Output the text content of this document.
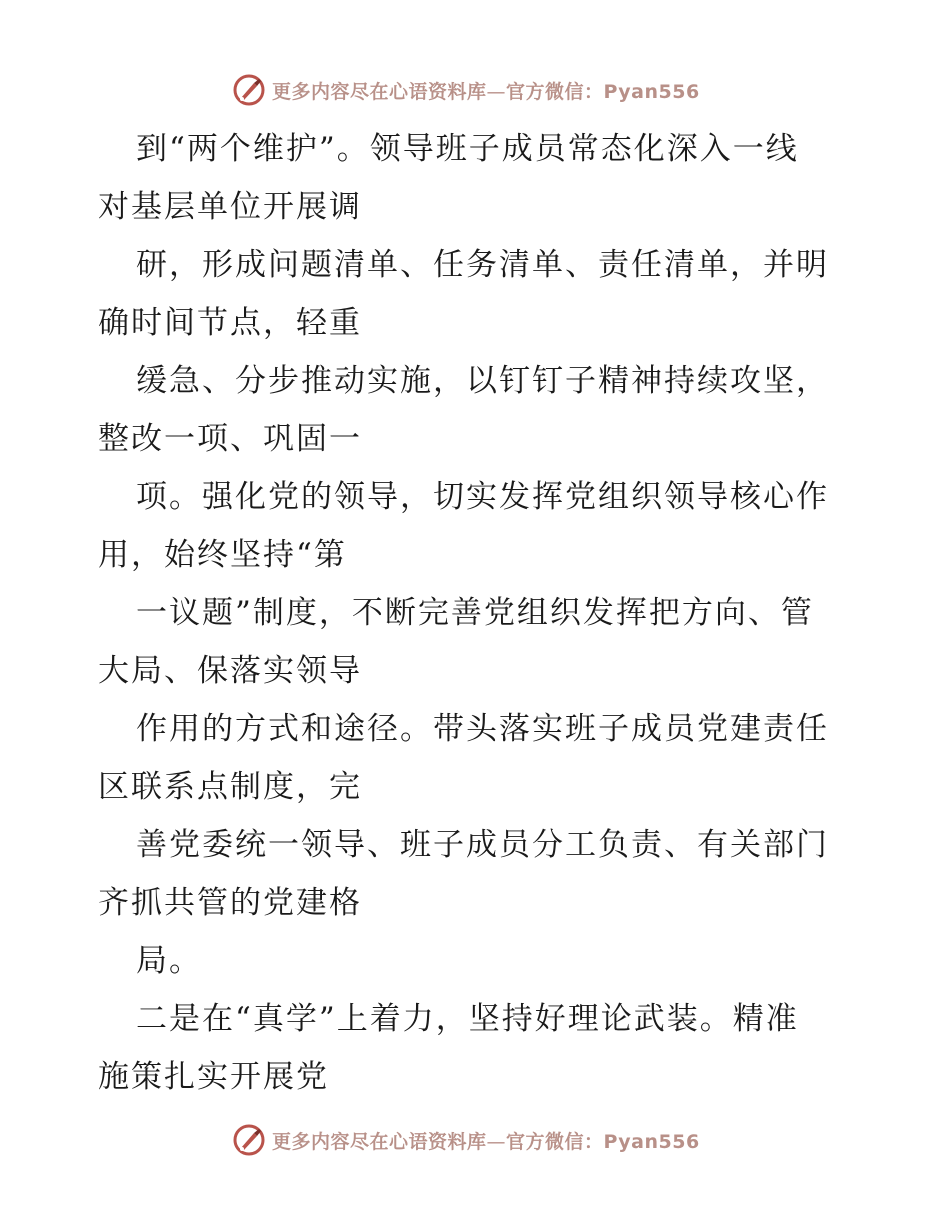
更多内容尽在心语资料库—官方微信：Pyan556
到“两个维护”。领导班子成员常态化深入一线
对基层单位开展调
研，形成问题清单、任务清单、责任清单，并明
确时间节点，轻重
缓急、分步推动实施，以钉钉子精神持续攻坚，
整改一项、巩固一
项。强化党的领导，切实发挥党组织领导核心作
用，始终坚持“第
一议题”制度，不断完善党组织发挥把方向、管
大局、保落实领导
作用的方式和途径。带头落实班子成员党建责任
区联系点制度，完
善党委统一领导、班子成员分工负责、有关部门
齐抓共管的党建格
局。
二是在“真学”上着力，坚持好理论武装。精准
施策扎实开展党
更多内容尽在心语资料库—官方微信：Pyan556
